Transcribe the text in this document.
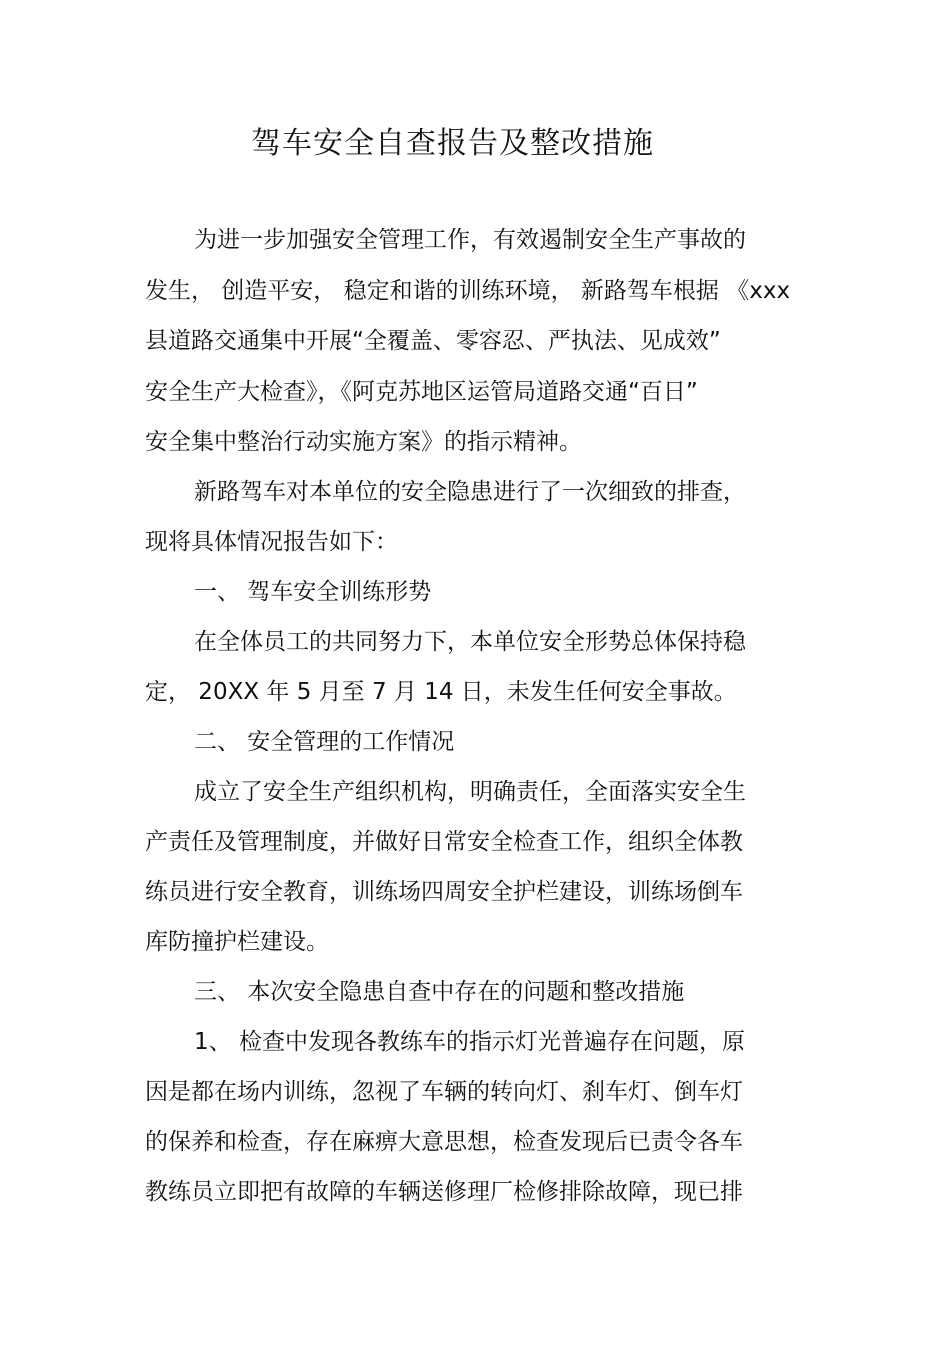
驾车安全自查报告及整改措施
为进一步加强安全管理工作，有效遏制安全生产事故的
发生， 创造平安， 稳定和谐的训练环境， 新路驾车根据 《xxx
县道路交通集中开展“全覆盖、零容忍、严执法、见成效”
安全生产大检查》，《阿克苏地区运管局道路交通“百日”
安全集中整治行动实施方案》的指示精神。
新路驾车对本单位的安全隐患进行了一次细致的排查，
现将具体情况报告如下：
一、 驾车安全训练形势
在全体员工的共同努力下，本单位安全形势总体保持稳
定， 20XX 年 5 月至 7 月 14 日，未发生任何安全事故。
二、 安全管理的工作情况
成立了安全生产组织机构，明确责任，全面落实安全生
产责任及管理制度，并做好日常安全检查工作，组织全体教
练员进行安全教育，训练场四周安全护栏建设，训练场倒车
库防撞护栏建设。
三、 本次安全隐患自查中存在的问题和整改措施
1、 检查中发现各教练车的指示灯光普遍存在问题，原
因是都在场内训练，忽视了车辆的转向灯、刹车灯、倒车灯
的保养和检查，存在麻痹大意思想，检查发现后已责令各车
教练员立即把有故障的车辆送修理厂检修排除故障，现已排
